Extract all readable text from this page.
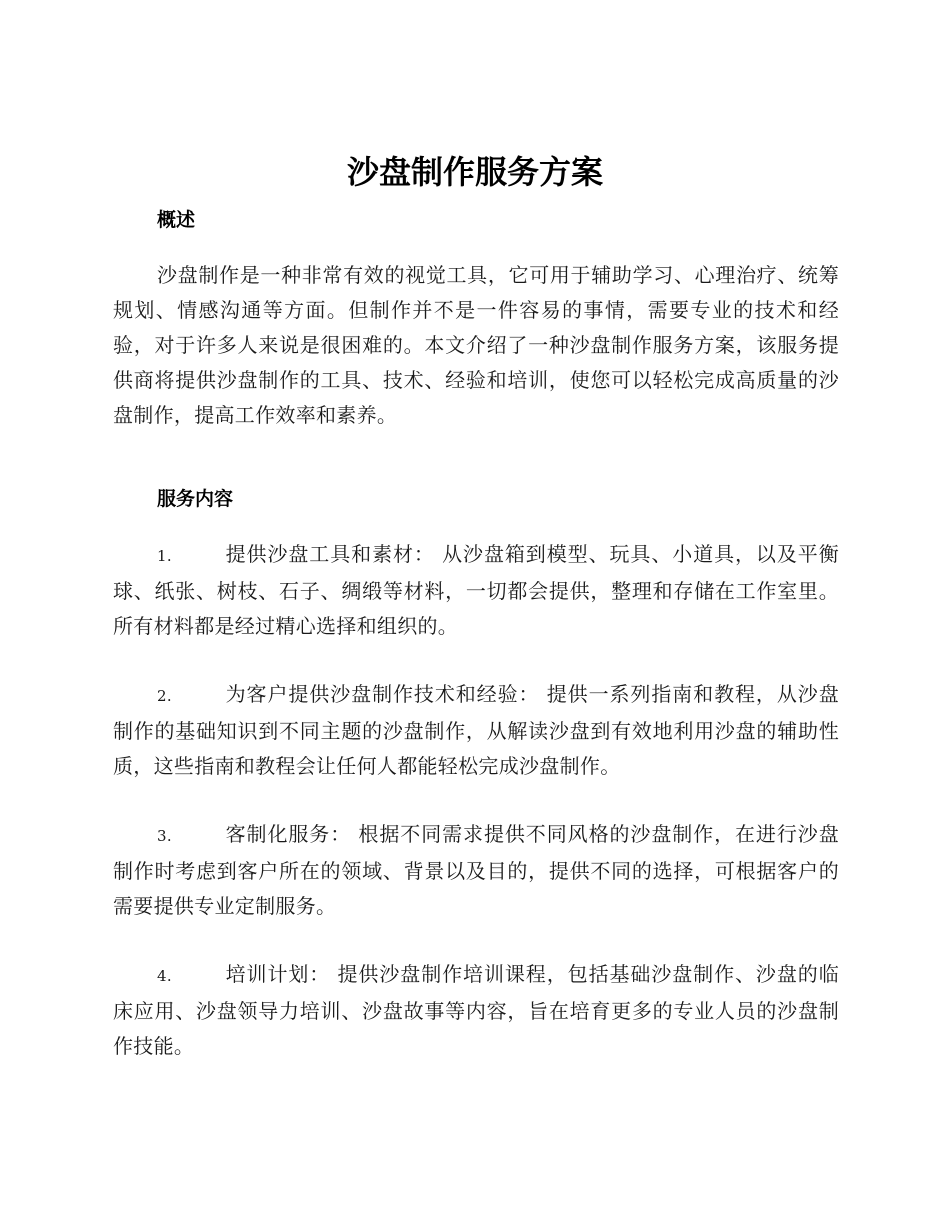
沙盘制作服务方案
概述

沙盘制作是一种非常有效的视觉工具，它可用于辅助学习、心理治疗、统筹规划、情感沟通等方面。但制作并不是一件容易的事情，需要专业的技术和经验，对于许多人来说是很困难的。本文介绍了一种沙盘制作服务方案，该服务提供商将提供沙盘制作的工具、技术、经验和培训，使您可以轻松完成高质量的沙盘制作，提高工作效率和素养。

服务内容

1.	提供沙盘工具和素材： 从沙盘箱到模型、玩具、小道具，以及平衡球、纸张、树枝、石子、绸缎等材料，一切都会提供，整理和存储在工作室里。所有材料都是经过精心选择和组织的。

2.	为客户提供沙盘制作技术和经验： 提供一系列指南和教程，从沙盘制作的基础知识到不同主题的沙盘制作，从解读沙盘到有效地利用沙盘的辅助性质，这些指南和教程会让任何人都能轻松完成沙盘制作。

3.	客制化服务： 根据不同需求提供不同风格的沙盘制作，在进行沙盘制作时考虑到客户所在的领域、背景以及目的，提供不同的选择，可根据客户的需要提供专业定制服务。

4.	培训计划： 提供沙盘制作培训课程，包括基础沙盘制作、沙盘的临床应用、沙盘领导力培训、沙盘故事等内容，旨在培育更多的专业人员的沙盘制作技能。
